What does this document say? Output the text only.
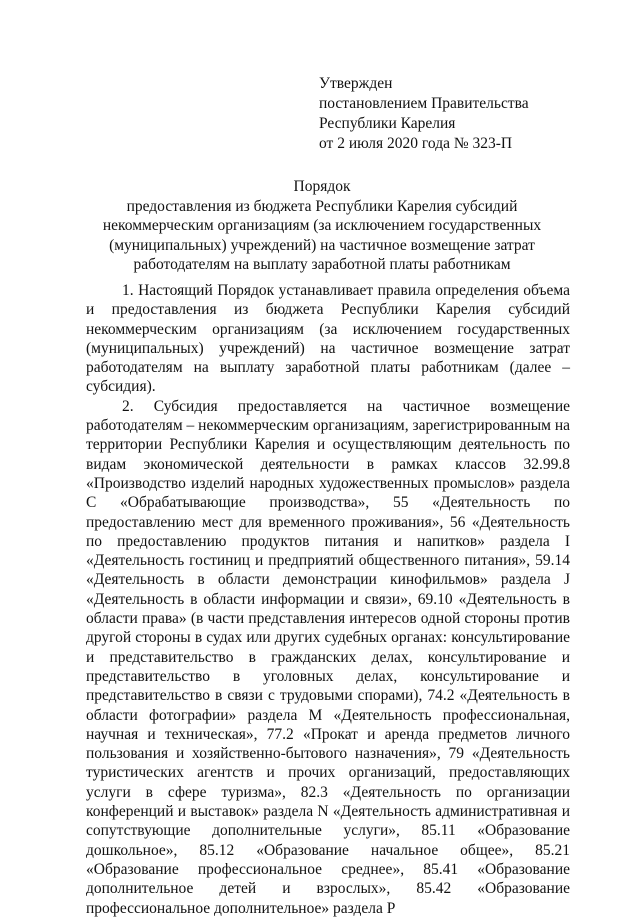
Утвержден
постановлением Правительства
Республики Карелия
от 2 июля 2020 года № 323-П
Порядок
предоставления из бюджета Республики Карелия субсидий
некоммерческим организациям (за исключением государственных
(муниципальных) учреждений) на частичное возмещение затрат
работодателям на выплату заработной платы работникам

1. Настоящий Порядок устанавливает правила определения объема и предоставления из бюджета Республики Карелия субсидий некоммерческим организациям (за исключением государственных (муниципальных) учреждений) на частичное возмещение затрат работодателям на выплату заработной платы работникам (далее – субсидия).

2. Субсидия предоставляется на частичное возмещение работодателям – некоммерческим организациям, зарегистрированным на территории Республики Карелия и осуществляющим деятельность по видам экономической деятельности в рамках классов 32.99.8 «Производство изделий народных художественных промыслов» раздела С «Обрабатывающие производства», 55 «Деятельность по предоставлению мест для временного проживания», 56 «Деятельность по предоставлению продуктов питания и напитков» раздела I «Деятельность гостиниц и предприятий общественного питания», 59.14 «Деятельность в области демонстрации кинофильмов» раздела J «Деятельность в области информации и связи», 69.10 «Деятельность в области права» (в части представления интересов одной стороны против другой стороны в судах или других судебных органах: консультирование и представительство в гражданских делах, консультирование и представительство в уголовных делах, консультирование и представительство в связи с трудовыми спорами), 74.2 «Деятельность в области фотографии» раздела M «Деятельность профессиональная, научная и техническая», 77.2 «Прокат и аренда предметов личного пользования и хозяйственно-бытового назначения», 79 «Деятельность туристических агентств и прочих организаций, предоставляющих услуги в сфере туризма», 82.3 «Деятельность по организации конференций и выставок» раздела N «Деятельность административная и сопутствующие дополнительные услуги», 85.11 «Образование дошкольное», 85.12 «Образование начальное общее», 85.21 «Образование профессиональное среднее», 85.41 «Образование дополнительное детей и взрослых», 85.42 «Образование профессиональное дополнительное» раздела P
